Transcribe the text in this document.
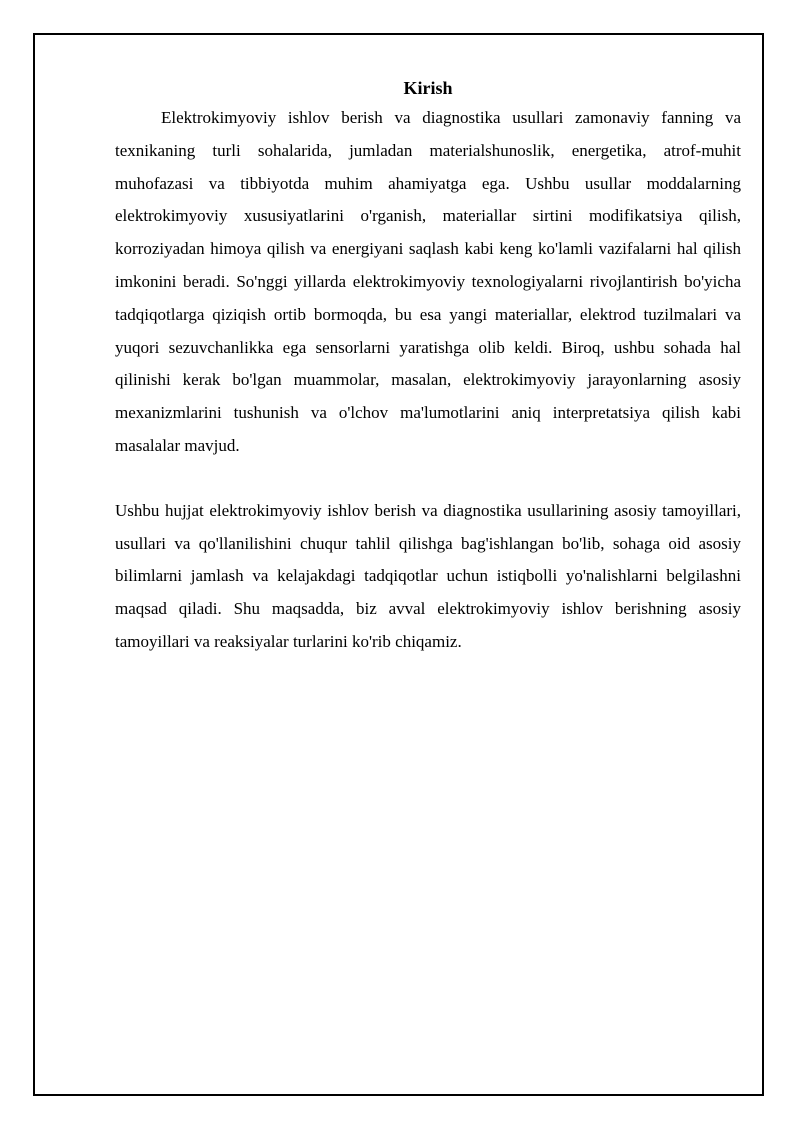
Kirish

Elektrokimyoviy ishlov berish va diagnostika usullari zamonaviy fanning va texnikaning turli sohalarida, jumladan materialshunoslik, energetika, atrof-muhit muhofazasi va tibbiyotda muhim ahamiyatga ega. Ushbu usullar moddalarning elektrokimyoviy xususiyatlarini o'rganish, materiallar sirtini modifikatsiya qilish, korroziyadan himoya qilish va energiyani saqlash kabi keng ko'lamli vazifalarni hal qilish imkonini beradi. So'nggi yillarda elektrokimyoviy texnologiyalarni rivojlantirish bo'yicha tadqiqotlarga qiziqish ortib bormoqda, bu esa yangi materiallar, elektrod tuzilmalari va yuqori sezuvchanlikka ega sensorlarni yaratishga olib keldi. Biroq, ushbu sohada hal qilinishi kerak bo'lgan muammolar, masalan, elektrokimyoviy jarayonlarning asosiy mexanizmlarini tushunish va o'lchov ma'lumotlarini aniq interpretatsiya qilish kabi masalalar mavjud.

Ushbu hujjat elektrokimyoviy ishlov berish va diagnostika usullarining asosiy tamoyillari, usullari va qo'llanilishini chuqur tahlil qilishga bag'ishlangan bo'lib, sohaga oid asosiy bilimlarni jamlash va kelajakdagi tadqiqotlar uchun istiqbolli yo'nalishlarni belgilashni maqsad qiladi. Shu maqsadda, biz avval elektrokimyoviy ishlov berishning asosiy tamoyillari va reaksiyalar turlarini ko'rib chiqamiz.
